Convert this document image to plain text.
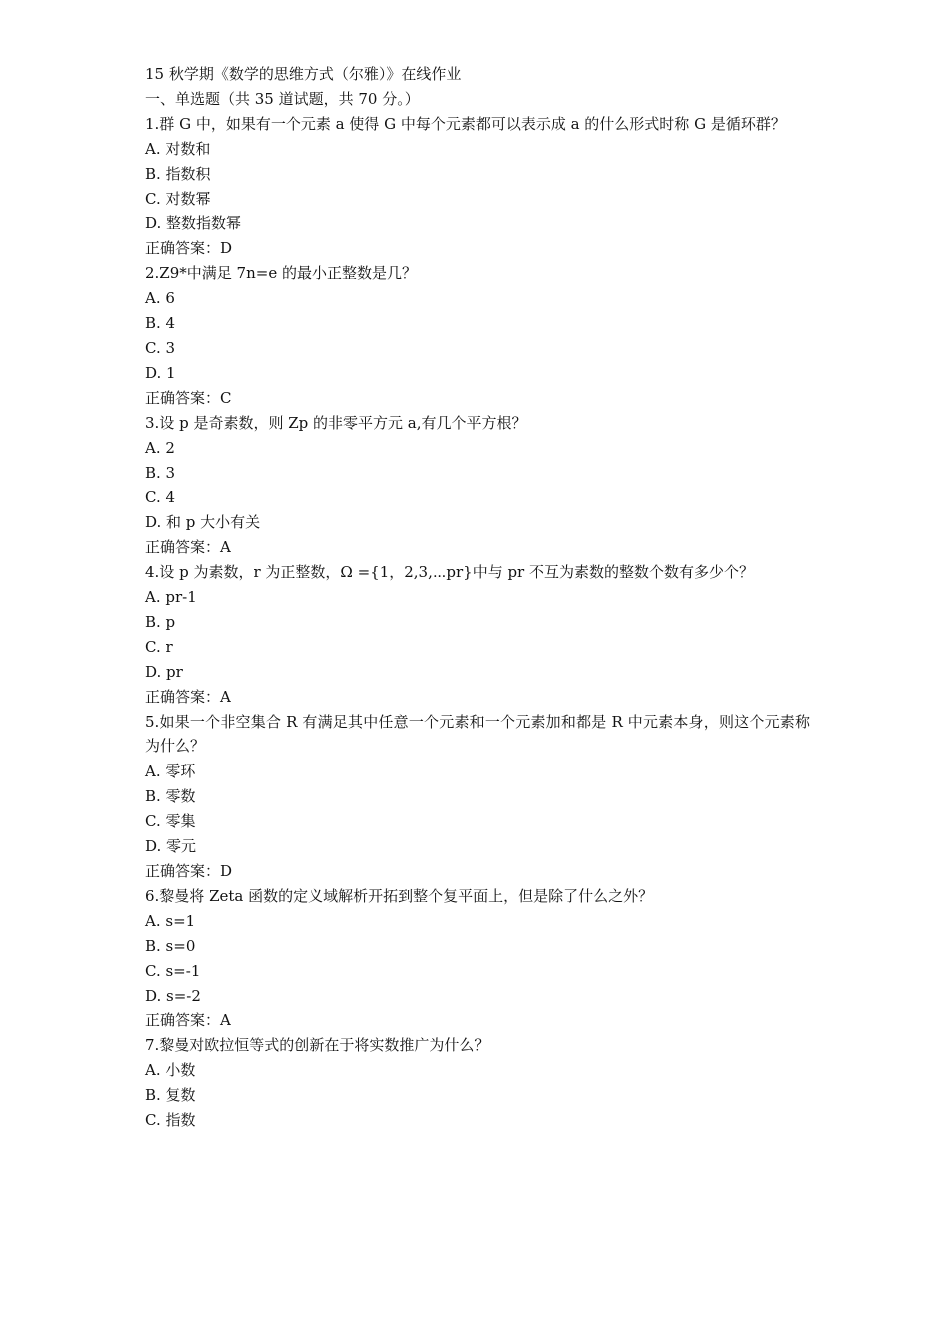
15 秋学期《数学的思维方式（尔雅）》在线作业
一、单选题（共 35 道试题，共 70 分。）
1.群 G 中，如果有一个元素 a 使得 G 中每个元素都可以表示成 a 的什么形式时称 G 是循环群？
A. 对数和
B. 指数积
C. 对数幂
D. 整数指数幂
正确答案：D
2.Z9*中满足 7n=e 的最小正整数是几？
A. 6
B. 4
C. 3
D. 1
正确答案：C
3.设 p 是奇素数，则 Zp 的非零平方元 a,有几个平方根？
A. 2
B. 3
C. 4
D. 和 p 大小有关
正确答案：A
4.设 p 为素数，r 为正整数，Ω ={1，2,3,⋯pr}中与 pr 不互为素数的整数个数有多少个？
A. pr-1
B. p
C. r
D. pr
正确答案：A
5.如果一个非空集合 R 有满足其中任意一个元素和一个元素加和都是 R 中元素本身，则这个元素称为什么？
A. 零环
B. 零数
C. 零集
D. 零元
正确答案：D
6.黎曼将 Zeta 函数的定义域解析开拓到整个复平面上，但是除了什么之外？
A. s=1
B. s=0
C. s=-1
D. s=-2
正确答案：A
7.黎曼对欧拉恒等式的创新在于将实数推广为什么？
A. 小数
B. 复数
C. 指数
